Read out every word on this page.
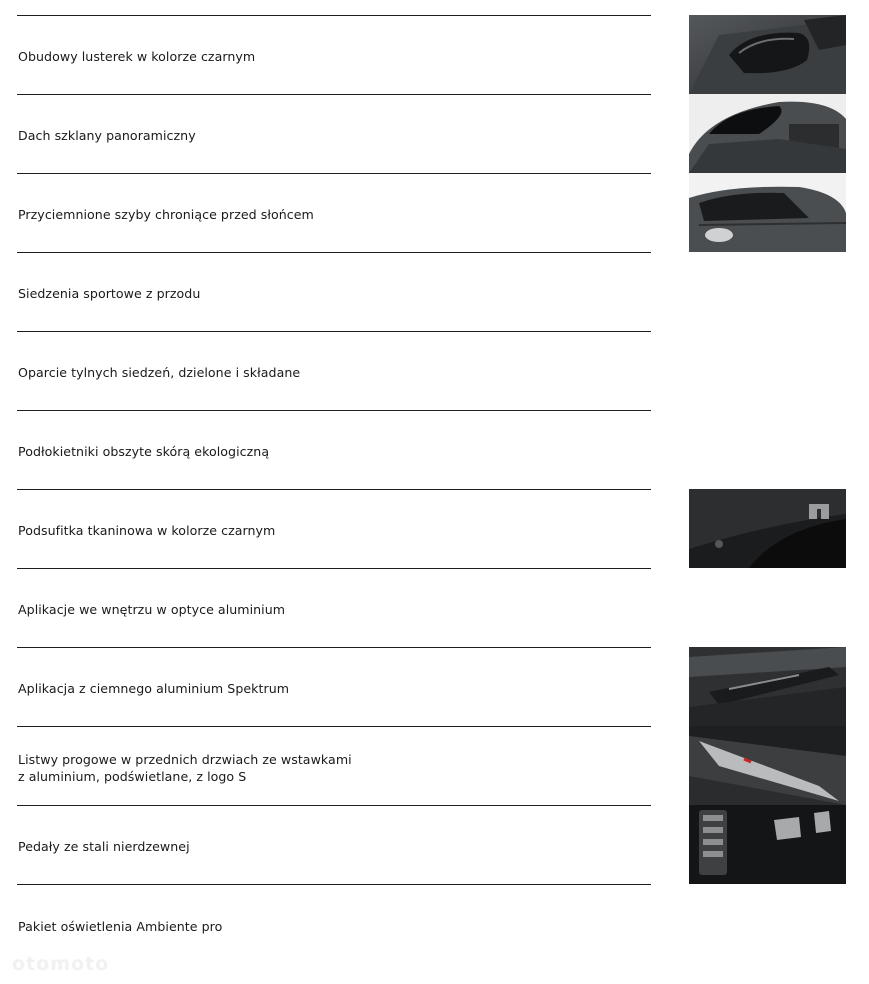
Obudowy lusterek w kolorze czarnym
Dach szklany panoramiczny
Przyciemnione szyby chroniące przed słońcem
Siedzenia sportowe z przodu
Oparcie tylnych siedzeń, dzielone i składane
Podłokietniki obszyte skórą ekologiczną
Podsufitka tkaninowa w kolorze czarnym
Aplikacje we wnętrzu w optyce aluminium
Aplikacja z ciemnego aluminium Spektrum
Listwy progowe w przednich drzwiach ze wstawkami z aluminium, podświetlane, z logo S
Pedały ze stali nierdzewnej
Pakiet oświetlenia Ambiente pro
otomoto
